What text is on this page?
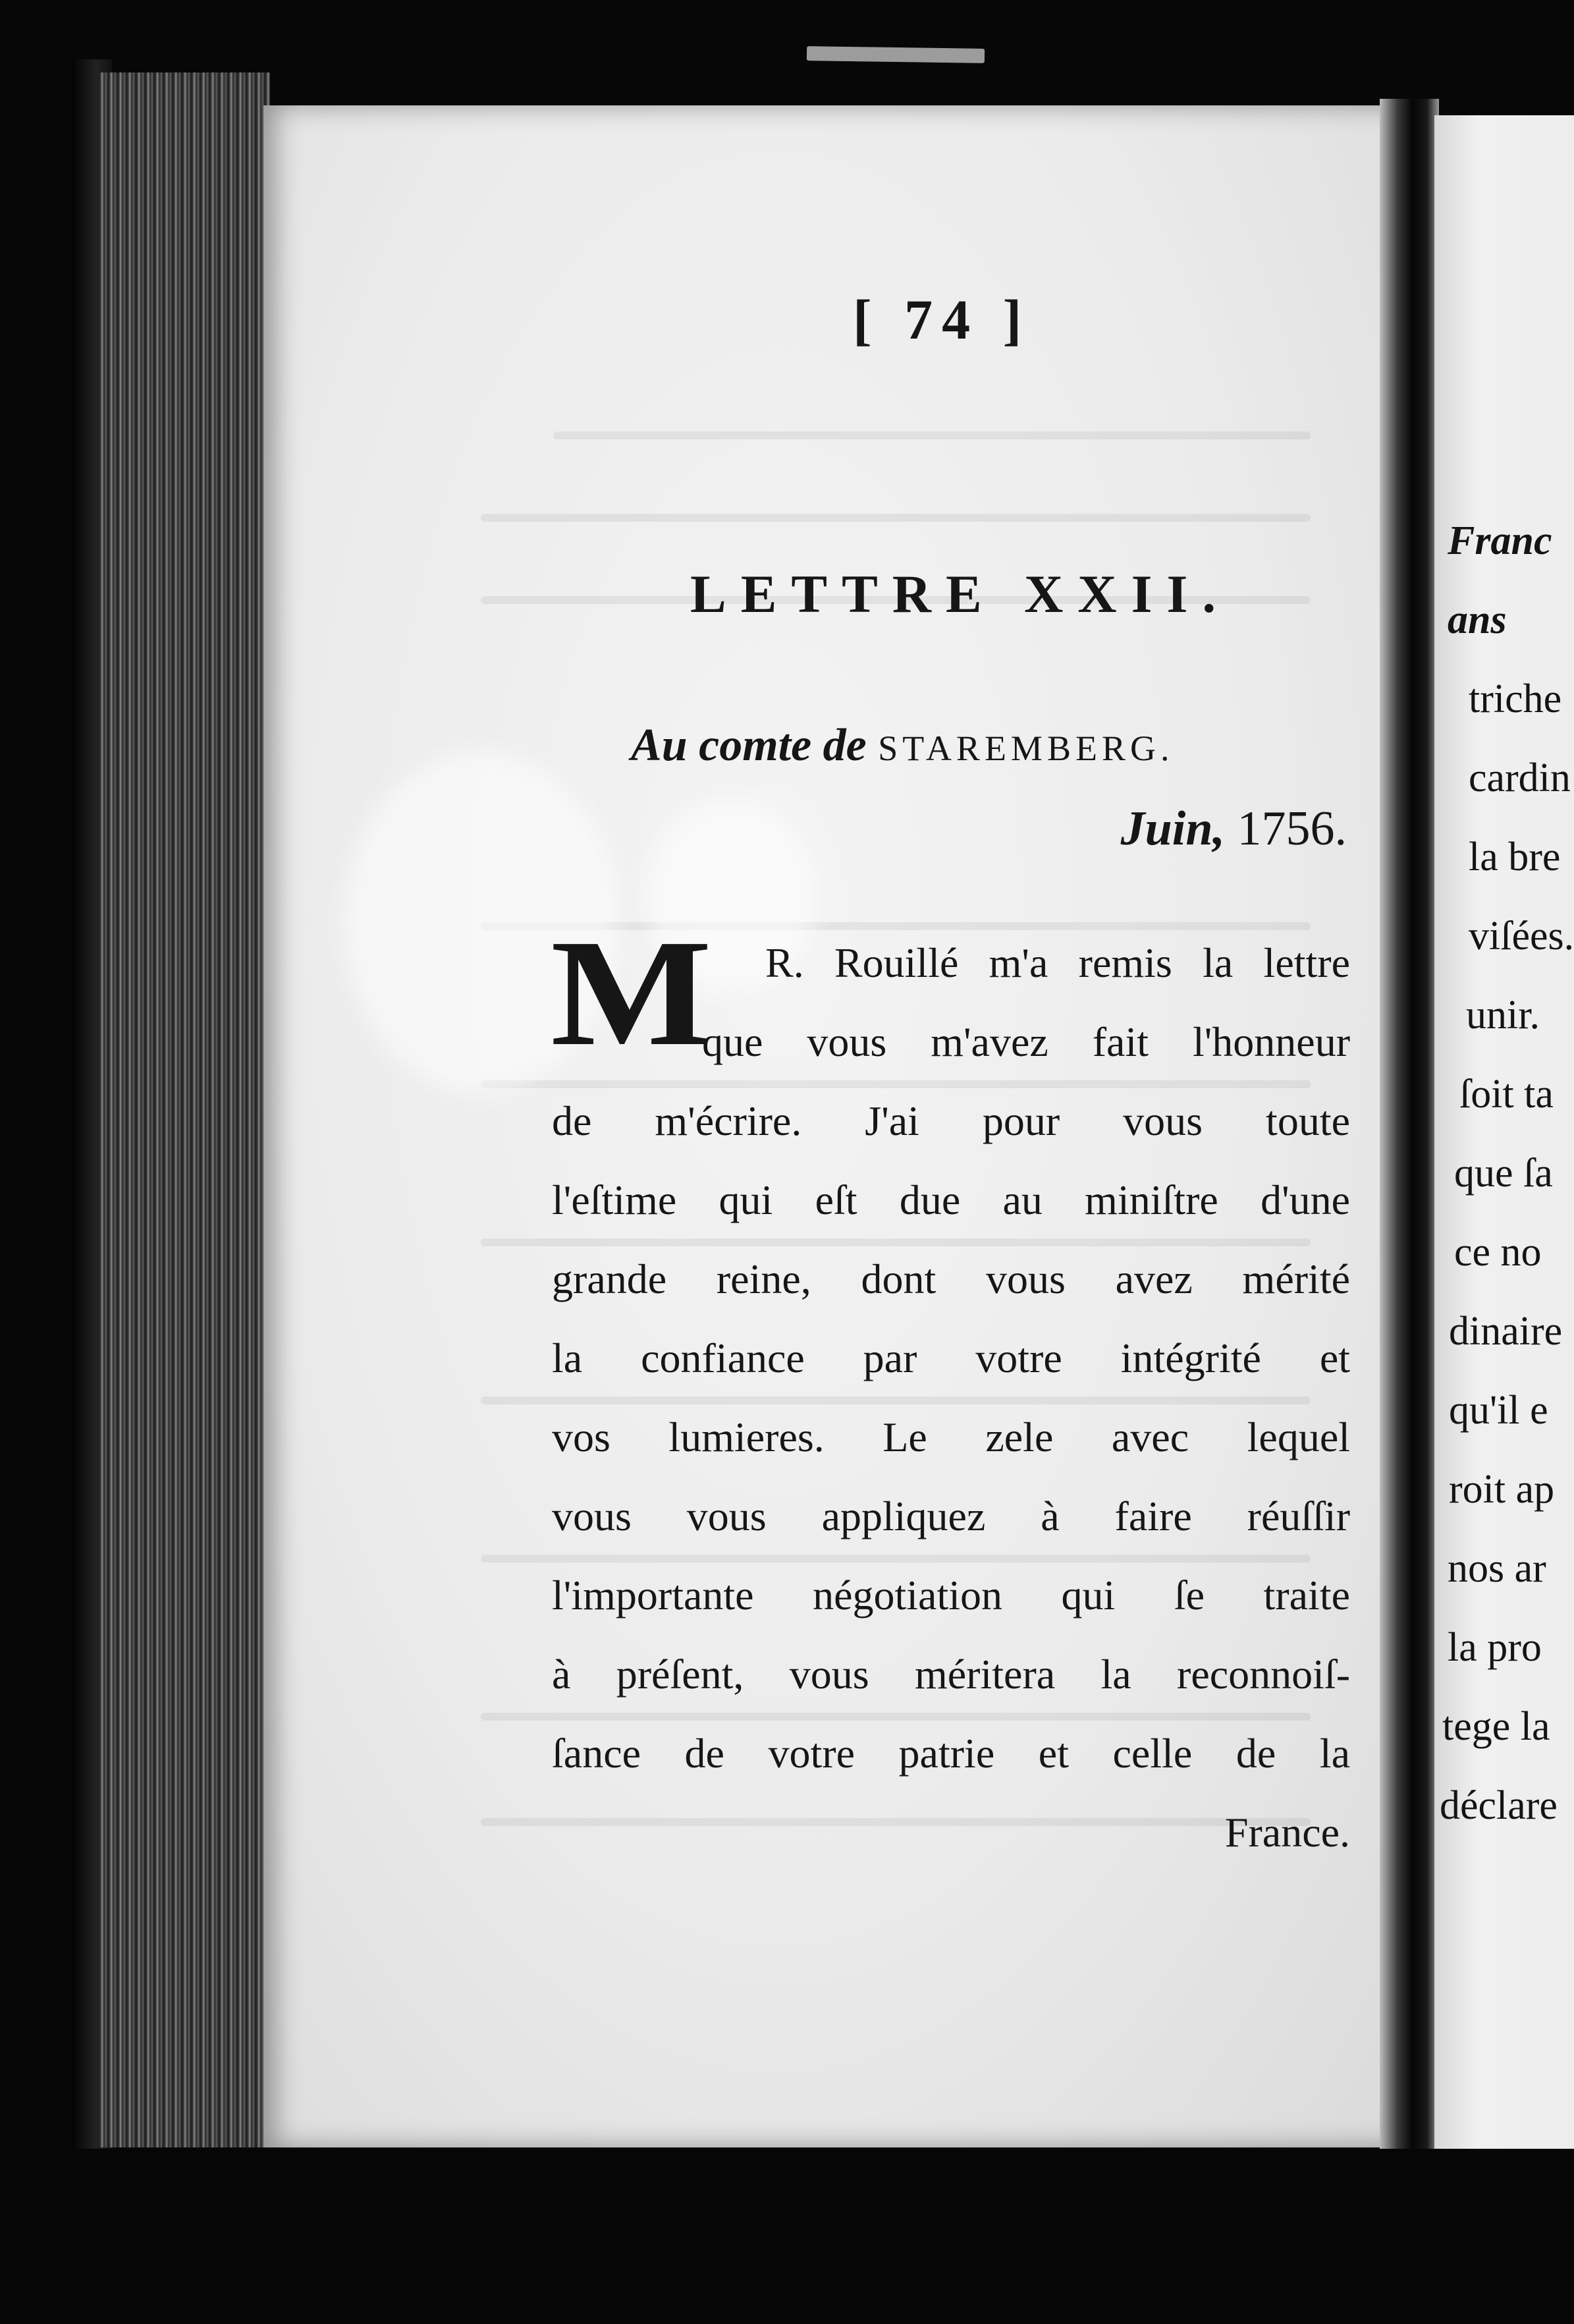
Franc
ans
triche
cardin
la bre
viſées.
unir.
ſoit ta
que ſa
ce no
dinaire
qu'il e
roit ap
nos ar
la pro
tege la
déclare
[ 74 ]
LETTRE XXII.
Au comte de STAREMBERG.
Juin, 1756.
M R. Rouillé m'a remis la lettre
que vous m'avez fait l'honneur
de m'écrire. J'ai pour vous toute
l'eſtime qui eſt due au miniſtre d'une
grande reine, dont vous avez mérité
la confiance par votre intégrité et
vos lumieres. Le zele avec lequel
vous vous appliquez à faire réuſſir
l'importante négotiation qui ſe traite
à préſent, vous méritera la reconnoiſ-
ſance de votre patrie et celle de la
France.
